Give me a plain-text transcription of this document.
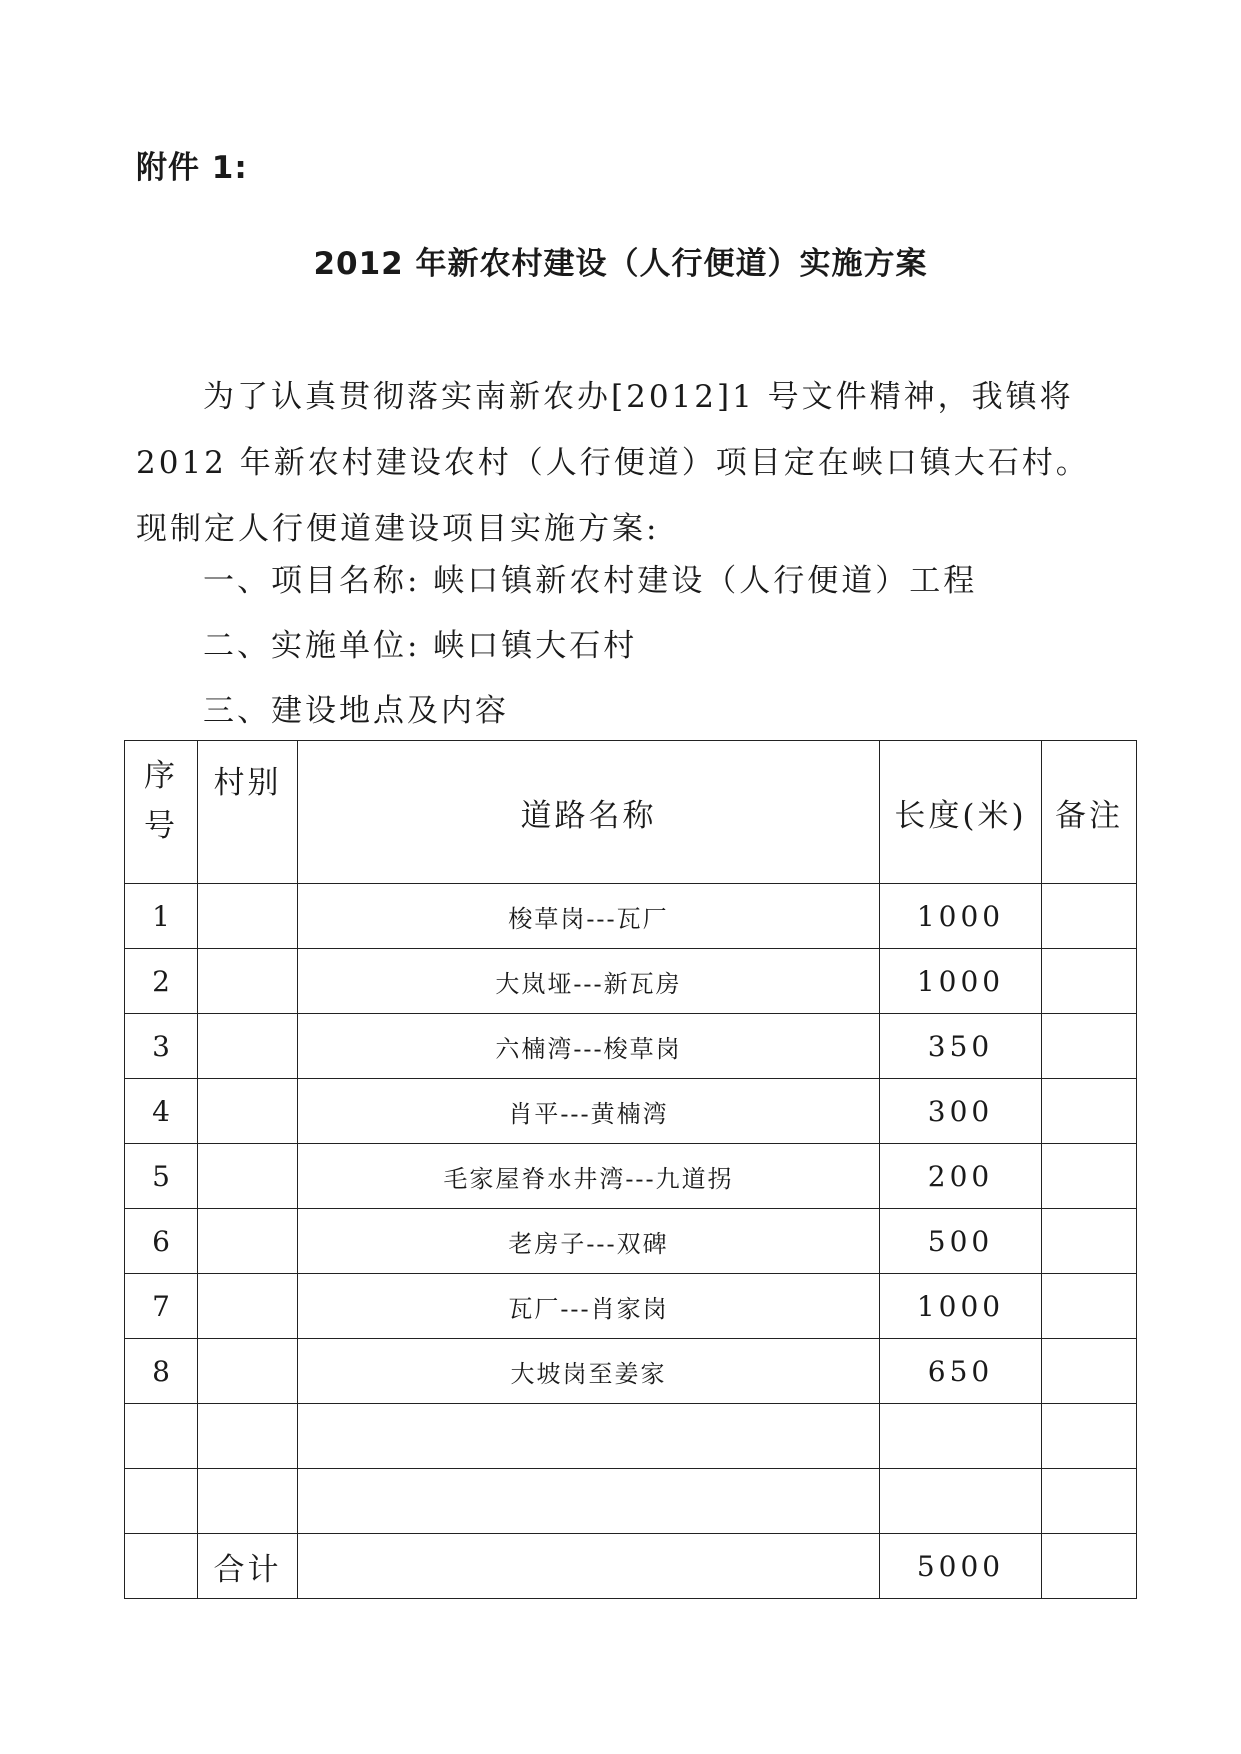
附件 1:
2012 年新农村建设（人行便道）实施方案

为了认真贯彻落实南新农办[2012]1 号文件精神，我镇将 2012 年新农村建设农村（人行便道）项目定在峡口镇大石村。现制定人行便道建设项目实施方案:

一、项目名称: 峡口镇新农村建设（人行便道）工程

二、实施单位: 峡口镇大石村

三、建设地点及内容

序
号	村别	道路名称	长度(米)	备注
1		梭草岗---瓦厂	1000	
2		大岚垭---新瓦房	1000	
3		六楠湾---梭草岗	350	
4		肖平---黄楠湾	300	
5		毛家屋脊水井湾---九道拐	200	
6		老房子---双碑	500	
7		瓦厂---肖家岗	1000	
8		大坡岗至姜家	650	

	合计		5000	
